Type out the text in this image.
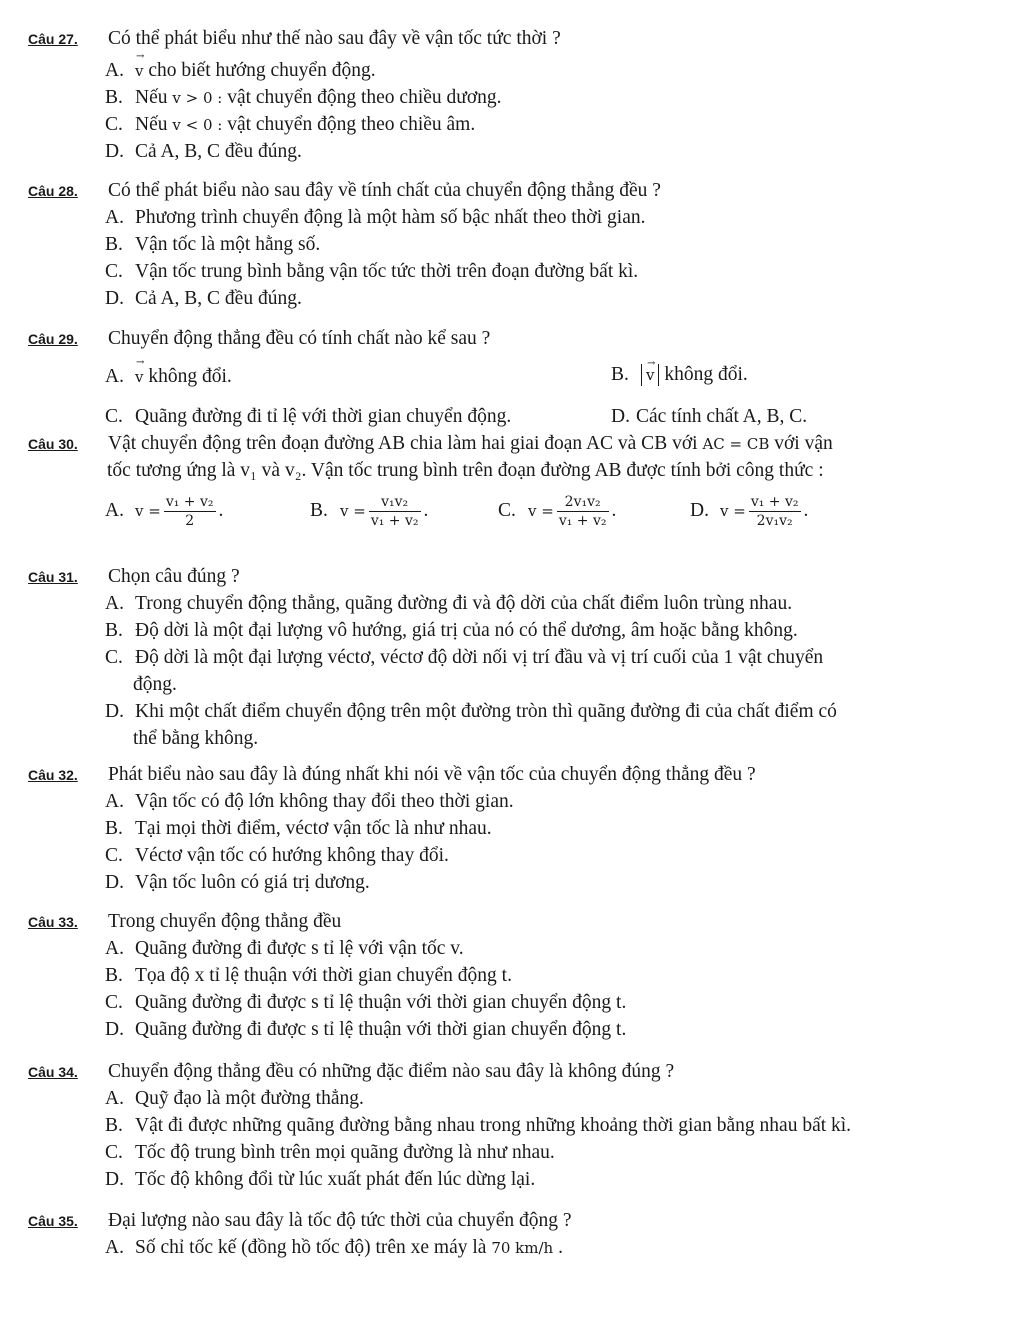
Câu 27. Có thể phát biểu như thế nào sau đây về vận tốc tức thời ?
A. v
→
cho biết hướng chuyển động.
B. Nếu v > 0 : vật chuyển động theo chiều dương.
C. Nếu v < 0 : vật chuyển động theo chiều âm.
D. Cả A, B, C đều đúng.
Câu 28. Có thể phát biểu nào sau đây về tính chất của chuyển động thẳng đều ?
A. Phương trình chuyển động là một hàm số bậc nhất theo thời gian.
B. Vận tốc là một hằng số.
C. Vận tốc trung bình bằng vận tốc tức thời trên đoạn đường bất kì.
D. Cả A, B, C đều đúng.
Câu 29. Chuyển động thẳng đều có tính chất nào kể sau ?
A. v
→
không đổi.	B. v
→
không đổi.
C. Quãng đường đi tỉ lệ với thời gian chuyển động.	D. Các tính chất A, B, C.
Câu 30. Vật chuyển động trên đoạn đường AB chia làm hai giai đoạn AC và CB với AC = CB với vận
tốc tương ứng là v₁ và v₂. Vận tốc trung bình trên đoạn đường AB được tính bởi công thức :
A. $v = \frac{\text{v₁ + v₂}}{2}$ .	B. $v = \frac{\text{v₁v₂}}{\text{v₁ + v₂}}$ .	C. $v = \frac{\text{2v₁v₂}}{\text{v₁ + v₂}}$ .	D. $v = \frac{\text{v₁ + v₂}}{\text{2v₁v₂}}$ .
Câu 31. Chọn câu đúng ?
A. Trong chuyển động thẳng, quãng đường đi và độ dời của chất điểm luôn trùng nhau.
B. Độ dời là một đại lượng vô hướng, giá trị của nó có thể dương, âm hoặc bằng không.
C. Độ dời là một đại lượng véctơ, véctơ độ dời nối vị trí đầu và vị trí cuối của 1 vật chuyển
động.
D. Khi một chất điểm chuyển động trên một đường tròn thì quãng đường đi của chất điểm có
thể bằng không.
Câu 32. Phát biểu nào sau đây là đúng nhất khi nói về vận tốc của chuyển động thẳng đều ?
A. Vận tốc có độ lớn không thay đổi theo thời gian.
B. Tại mọi thời điểm, véctơ vận tốc là như nhau.
C. Véctơ vận tốc có hướng không thay đổi.
D. Vận tốc luôn có giá trị dương.
Câu 33. Trong chuyển động thẳng đều
A. Quãng đường đi được s tỉ lệ với vận tốc v.
B. Tọa độ x tỉ lệ thuận với thời gian chuyển động t.
C. Quãng đường đi được s tỉ lệ thuận với thời gian chuyển động t.
D. Quãng đường đi được s tỉ lệ thuận với thời gian chuyển động t.
Câu 34. Chuyển động thẳng đều có những đặc điểm nào sau đây là không đúng ?
A. Quỹ đạo là một đường thẳng.
B. Vật đi được những quãng đường bằng nhau trong những khoảng thời gian bằng nhau bất kì.
C. Tốc độ trung bình trên mọi quãng đường là như nhau.
D. Tốc độ không đổi từ lúc xuất phát đến lúc dừng lại.
Câu 35. Đại lượng nào sau đây là tốc độ tức thời của chuyển động ?
A. Số chỉ tốc kế (đồng hồ tốc độ) trên xe máy là 70 km/h .
